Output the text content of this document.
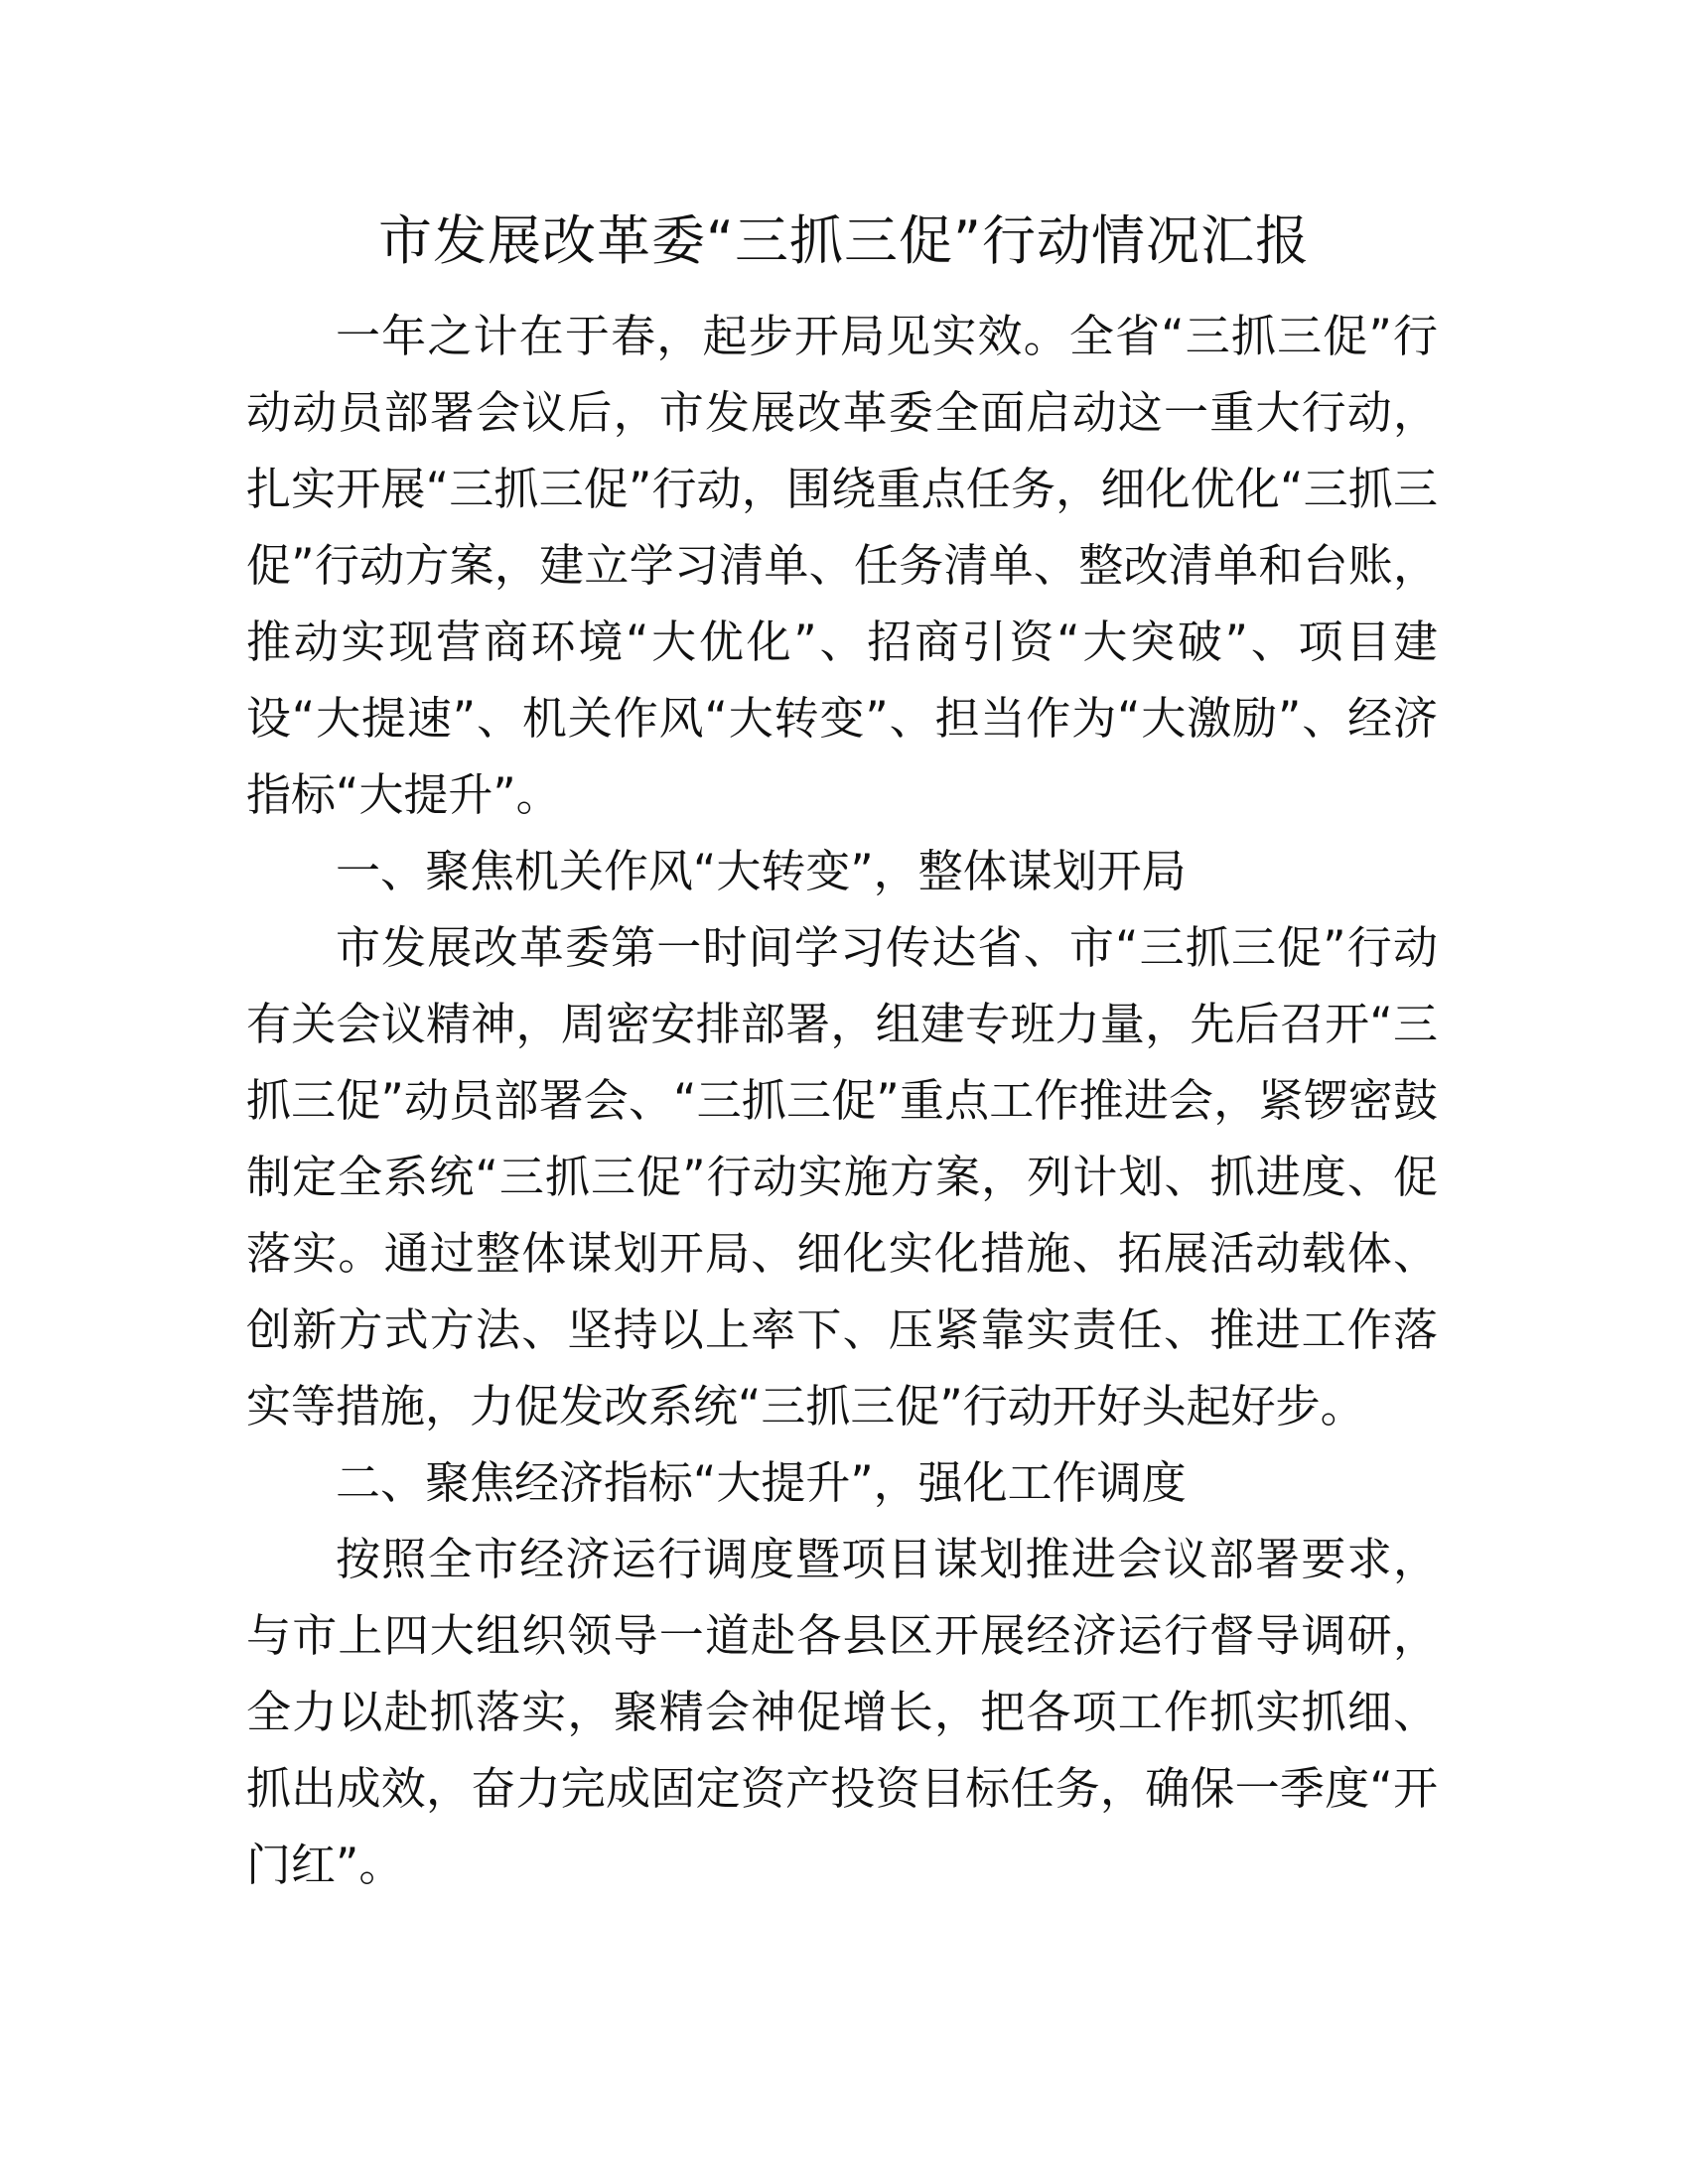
市发展改革委“三抓三促”行动情况汇报

一年之计在于春，起步开局见实效。全省“三抓三促”行动动员部署会议后，市发展改革委全面启动这一重大行动，扎实开展“三抓三促”行动，围绕重点任务，细化优化“三抓三促”行动方案，建立学习清单、任务清单、整改清单和台账，推动实现营商环境“大优化”、招商引资“大突破”、项目建设“大提速”、机关作风“大转变”、担当作为“大激励”、经济指标“大提升”。

一、聚焦机关作风“大转变”，整体谋划开局

市发展改革委第一时间学习传达省、市“三抓三促”行动有关会议精神，周密安排部署，组建专班力量，先后召开“三抓三促”动员部署会、“三抓三促”重点工作推进会，紧锣密鼓制定全系统“三抓三促”行动实施方案，列计划、抓进度、促落实。通过整体谋划开局、细化实化措施、拓展活动载体、创新方式方法、坚持以上率下、压紧靠实责任、推进工作落实等措施，力促发改系统“三抓三促”行动开好头起好步。

二、聚焦经济指标“大提升”，强化工作调度

按照全市经济运行调度暨项目谋划推进会议部署要求，与市上四大组织领导一道赴各县区开展经济运行督导调研，全力以赴抓落实，聚精会神促增长，把各项工作抓实抓细、抓出成效，奋力完成固定资产投资目标任务，确保一季度“开门红”。
